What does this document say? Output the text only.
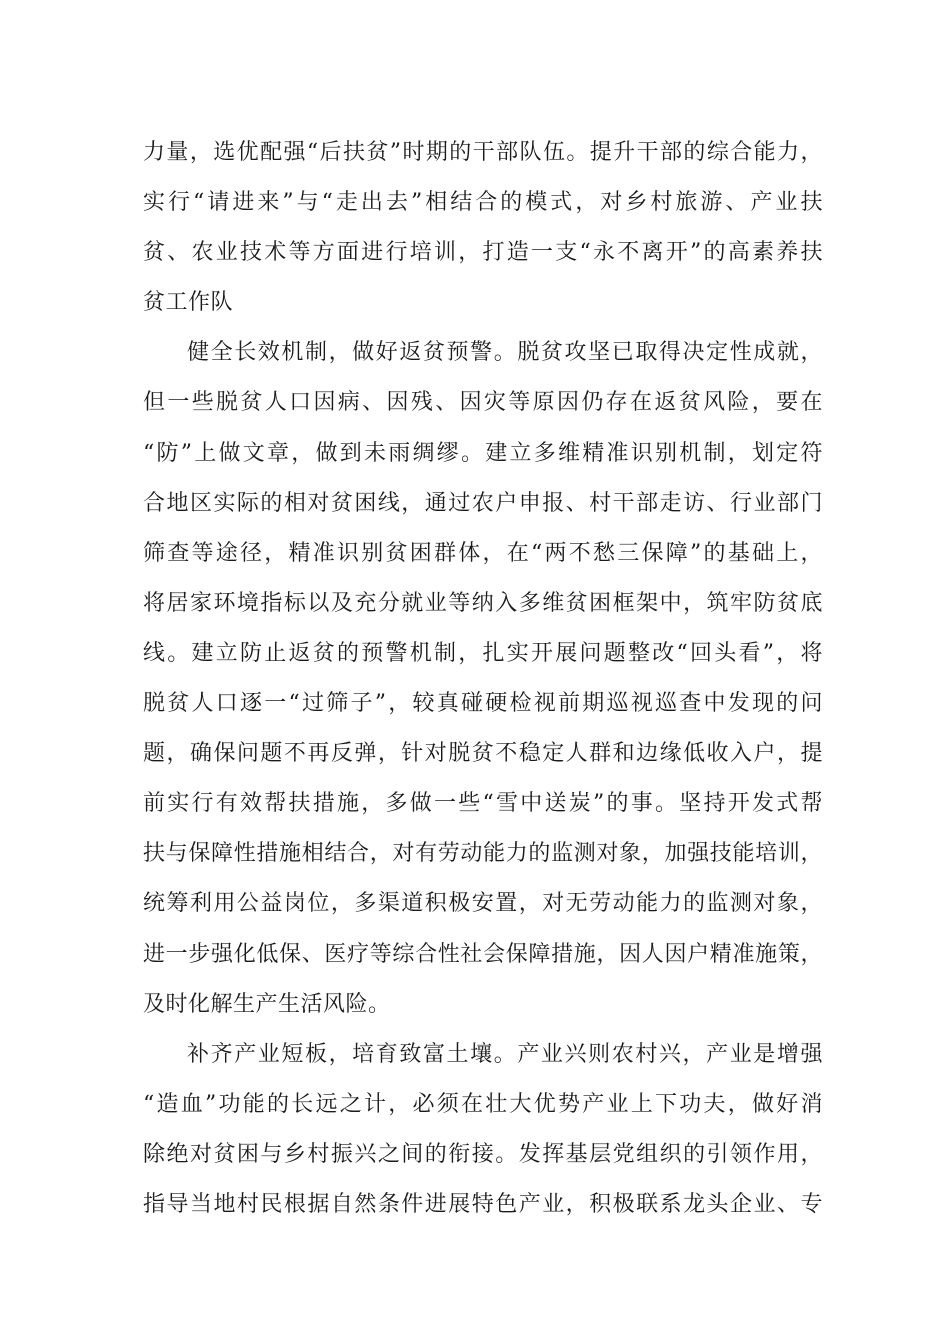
力量，选优配强“后扶贫”时期的干部队伍。提升干部的综合能力，
实行“请进来”与“走出去”相结合的模式，对乡村旅游、产业扶
贫、农业技术等方面进行培训，打造一支“永不离开”的高素养扶
贫工作队
健全长效机制，做好返贫预警。脱贫攻坚已取得决定性成就，
但一些脱贫人口因病、因残、因灾等原因仍存在返贫风险，要在
“防”上做文章，做到未雨绸缪。建立多维精准识别机制，划定符
合地区实际的相对贫困线，通过农户申报、村干部走访、行业部门
筛查等途径，精准识别贫困群体，在“两不愁三保障”的基础上，
将居家环境指标以及充分就业等纳入多维贫困框架中，筑牢防贫底
线。建立防止返贫的预警机制，扎实开展问题整改“回头看”，将
脱贫人口逐一“过筛子”，较真碰硬检视前期巡视巡查中发现的问
题，确保问题不再反弹，针对脱贫不稳定人群和边缘低收入户，提
前实行有效帮扶措施，多做一些“雪中送炭”的事。坚持开发式帮
扶与保障性措施相结合，对有劳动能力的监测对象，加强技能培训，
统筹利用公益岗位，多渠道积极安置，对无劳动能力的监测对象，
进一步强化低保、医疗等综合性社会保障措施，因人因户精准施策，
及时化解生产生活风险。
补齐产业短板，培育致富土壤。产业兴则农村兴，产业是增强
“造血”功能的长远之计，必须在壮大优势产业上下功夫，做好消
除绝对贫困与乡村振兴之间的衔接。发挥基层党组织的引领作用，
指导当地村民根据自然条件进展特色产业，积极联系龙头企业、专
